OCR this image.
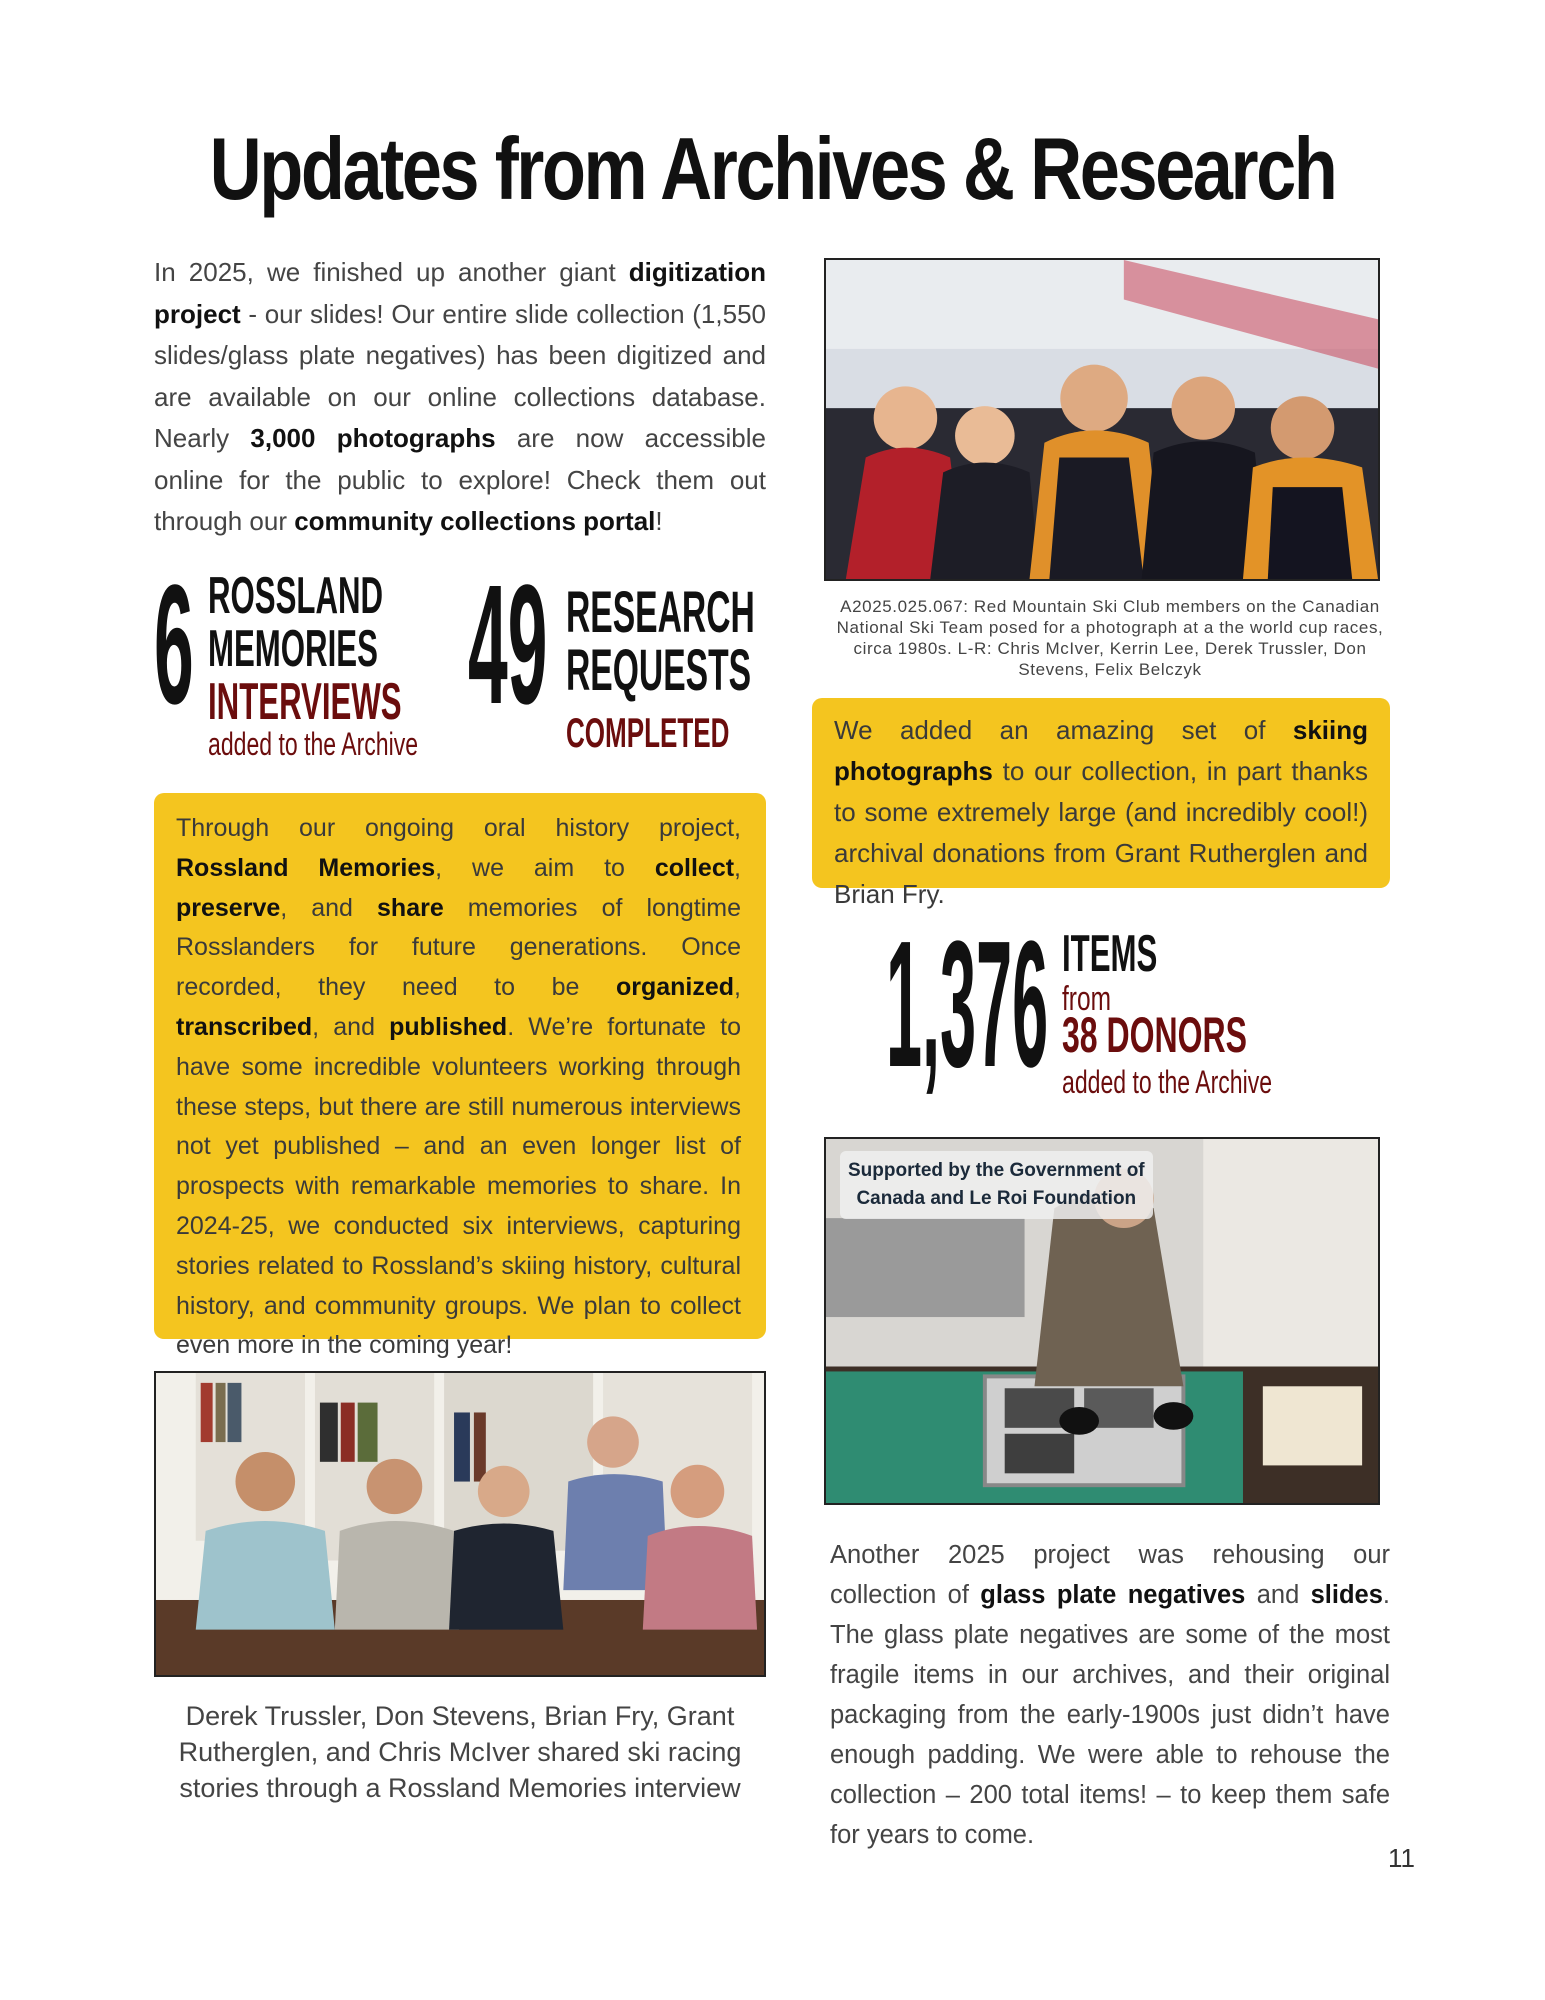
Updates from Archives & Research
In 2025, we finished up another giant digitization project - our slides! Our entire slide collection (1,550 slides/glass plate negatives) has been digitized and are available on our online collections database. Nearly 3,000 photographs are now accessible online for the public to explore! Check them out through our community collections portal!
6 ROSSLAND
MEMORIES
INTERVIEWS
added to the Archive
49 RESEARCH
REQUESTS
COMPLETED
Through our ongoing oral history project, Rossland Memories, we aim to collect, preserve, and share memories of longtime Rosslanders for future generations. Once recorded, they need to be organized, transcribed, and published. We’re fortunate to have some incredible volunteers working through these steps, but there are still numerous interviews not yet published – and an even longer list of prospects with remarkable memories to share. In 2024-25, we conducted six interviews, capturing stories related to Rossland’s skiing history, cultural history, and community groups. We plan to collect even more in the coming year!
A2025.025.067: Red Mountain Ski Club members on the Canadian National Ski Team posed for a photograph at a the world cup races, circa 1980s. L-R: Chris McIver, Kerrin Lee, Derek Trussler, Don Stevens, Felix Belczyk
We added an amazing set of skiing photographs to our collection, in part thanks to some extremely large (and incredibly cool!) archival donations from Grant Rutherglen and Brian Fry.
1,376 ITEMS
from
38 DONORS
added to the Archive
Supported by the Government of
Canada and Le Roi Foundation
Derek Trussler, Don Stevens, Brian Fry, Grant Rutherglen, and Chris McIver shared ski racing stories through a Rossland Memories interview
Another 2025 project was rehousing our collection of glass plate negatives and slides. The glass plate negatives are some of the most fragile items in our archives, and their original packaging from the early-1900s just didn’t have enough padding. We were able to rehouse the collection – 200 total items! – to keep them safe for years to come.
11
